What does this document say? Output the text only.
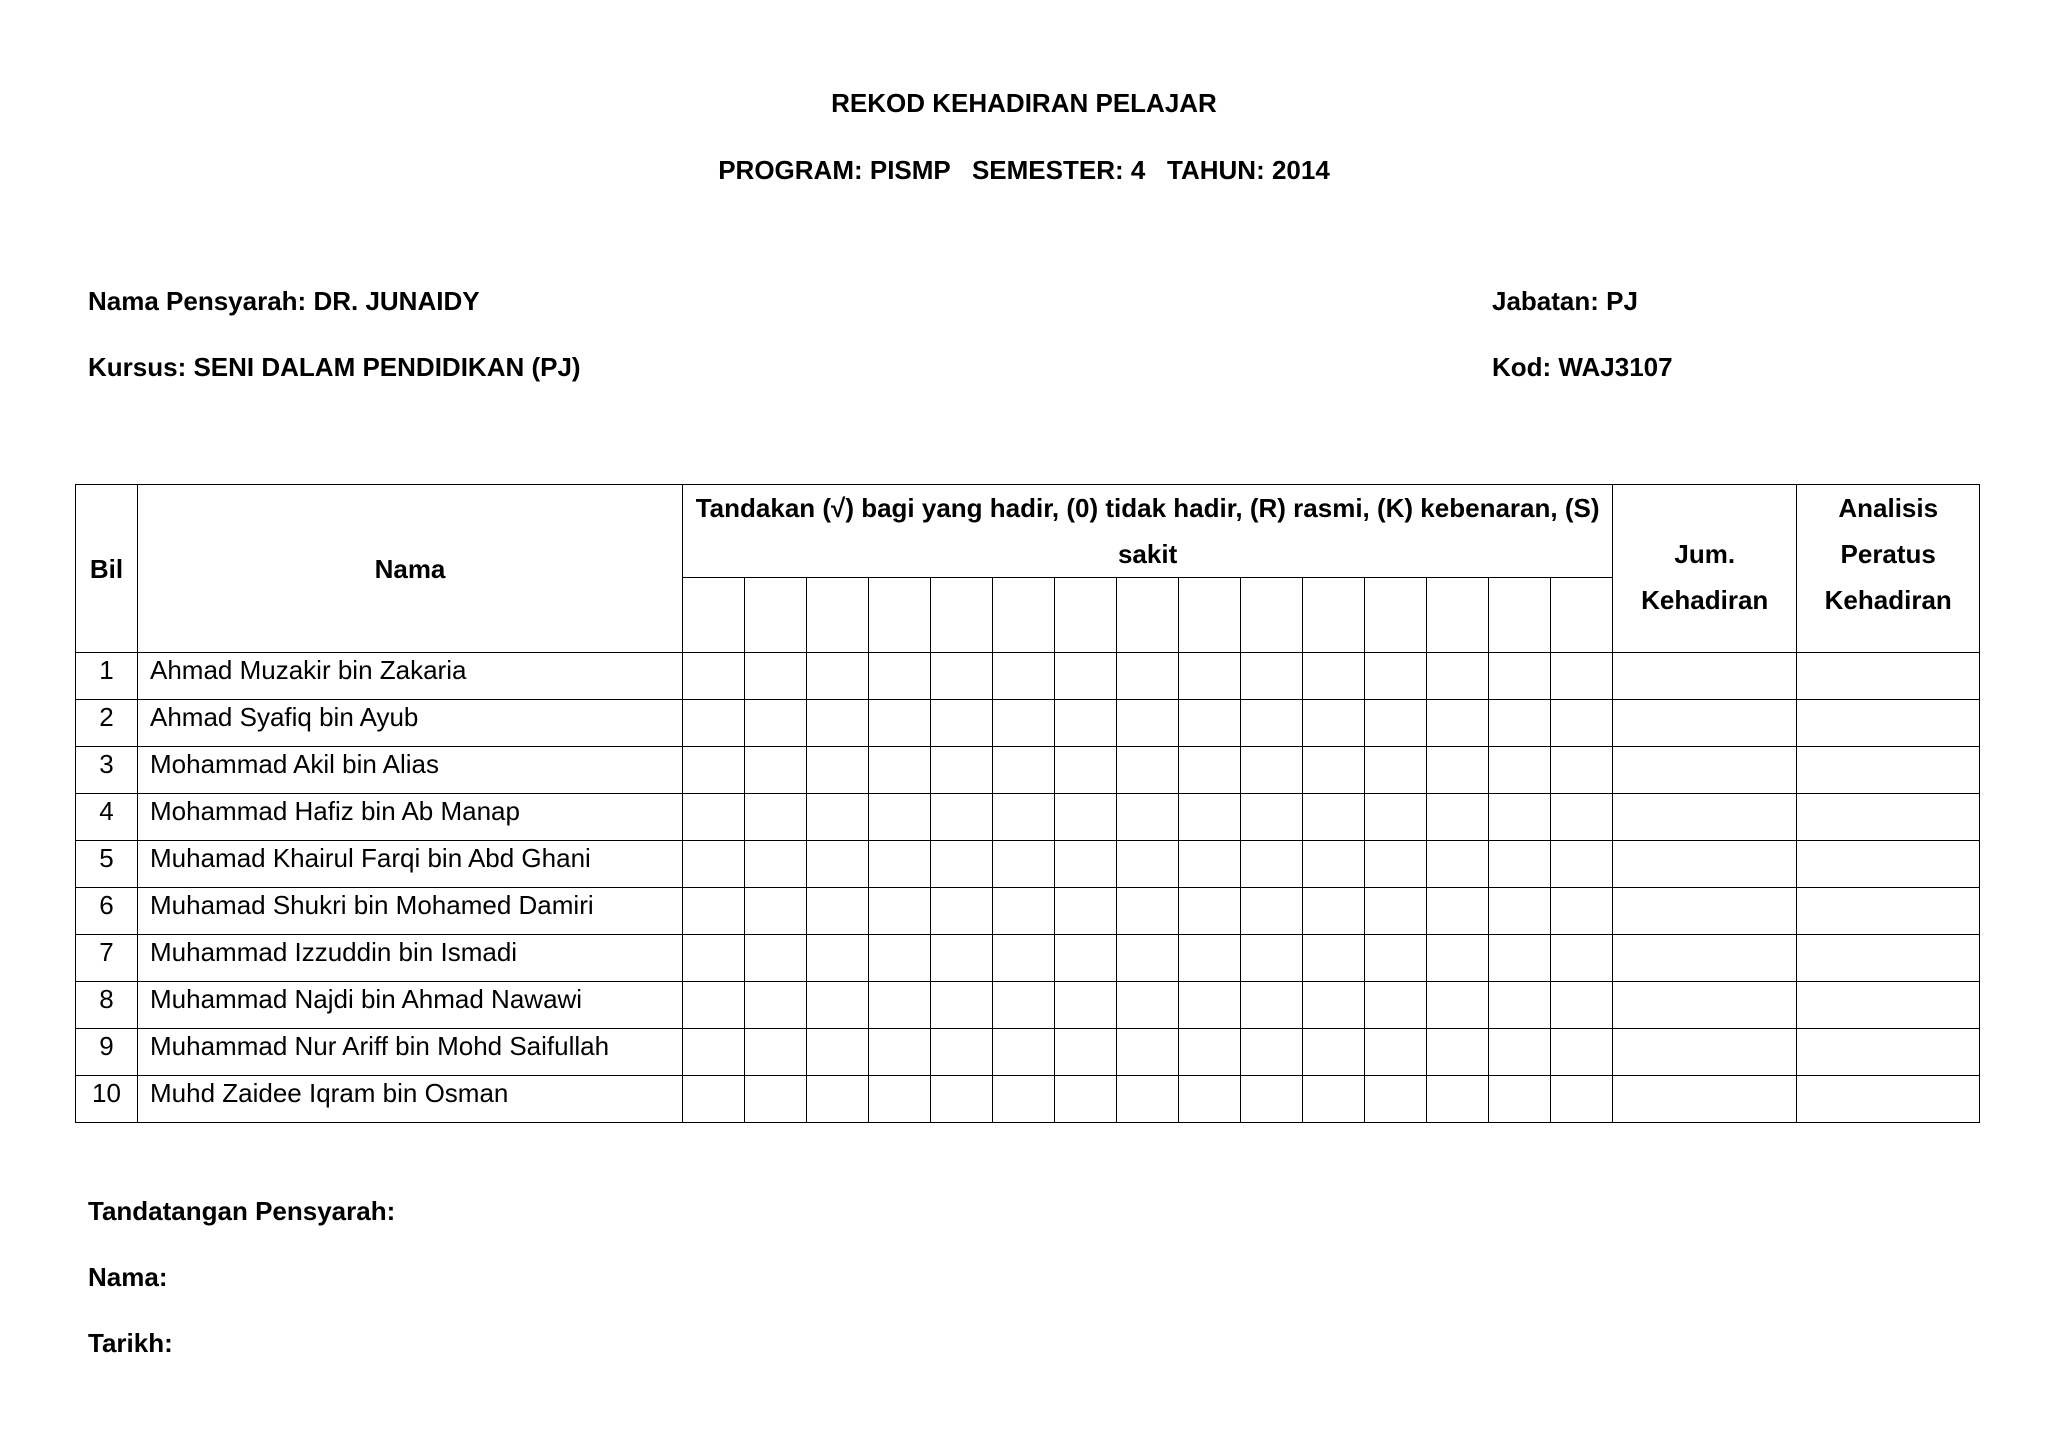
REKOD KEHADIRAN PELAJAR
PROGRAM: PISMP   SEMESTER: 4   TAHUN: 2014
Nama Pensyarah: DR. JUNAIDY	Jabatan: PJ
Kursus: SENI DALAM PENDIDIKAN (PJ)	Kod: WAJ3107
Bil	Nama	Tandakan (√) bagi yang hadir, (0) tidak hadir, (R) rasmi, (K) kebenaran, (S) sakit															Jum. Kehadiran	Analisis Peratus Kehadiran

1	Ahmad Muzakir bin Zakaria																	
2	Ahmad Syafiq bin Ayub																	
3	Mohammad Akil bin Alias																	
4	Mohammad Hafiz bin Ab Manap																	
5	Muhamad Khairul Farqi bin Abd Ghani																	
6	Muhamad Shukri bin Mohamed Damiri																	
7	Muhammad Izzuddin bin Ismadi																	
8	Muhammad Najdi bin Ahmad Nawawi																	
9	Muhammad Nur Ariff bin Mohd Saifullah																	
10	Muhd Zaidee Iqram bin Osman																	
Tandatangan Pensyarah:
Nama:
Tarikh:
